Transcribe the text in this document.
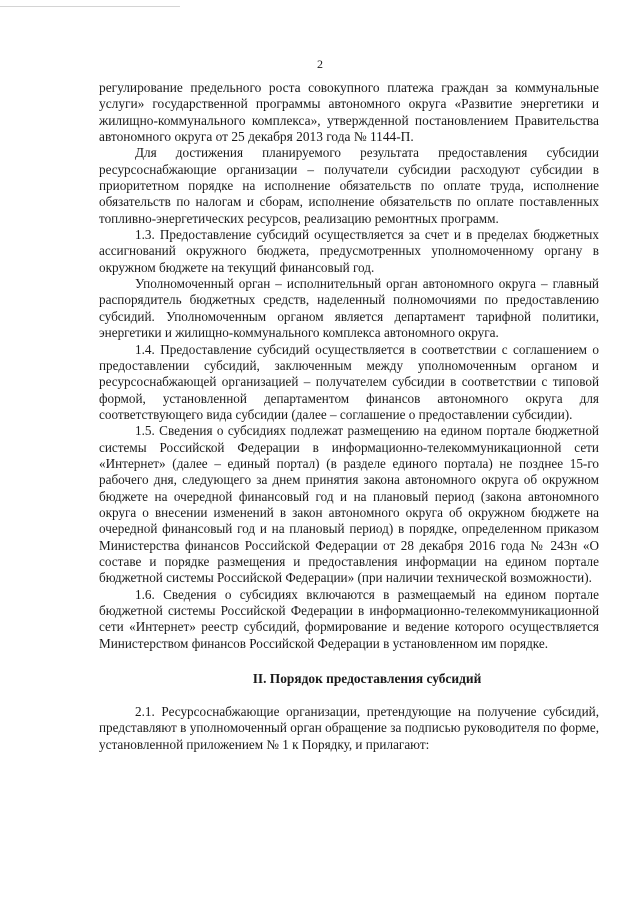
2

регулирование предельного роста совокупного платежа граждан за коммунальные услуги» государственной программы автономного округа «Развитие энергетики и жилищно-коммунального комплекса», утвержденной постановлением Правительства автономного округа от 25 декабря 2013 года № 1144-П.

Для достижения планируемого результата предоставления субсидии ресурсоснабжающие организации – получатели субсидии расходуют субсидии в приоритетном порядке на исполнение обязательств по оплате труда, исполнение обязательств по налогам и сборам, исполнение обязательств по оплате поставленных топливно-энергетических ресурсов, реализацию ремонтных программ.

1.3. Предоставление субсидий осуществляется за счет и в пределах бюджетных ассигнований окружного бюджета, предусмотренных уполномоченному органу в окружном бюджете на текущий финансовый год.

Уполномоченный орган – исполнительный орган автономного округа – главный распорядитель бюджетных средств, наделенный полномочиями по предоставлению субсидий. Уполномоченным органом является департамент тарифной политики, энергетики и жилищно-коммунального комплекса автономного округа.

1.4. Предоставление субсидий осуществляется в соответствии с соглашением о предоставлении субсидий, заключенным между уполномоченным органом и ресурсоснабжающей организацией – получателем субсидии в соответствии с типовой формой, установленной департаментом финансов автономного округа для соответствующего вида субсидии (далее – соглашение о предоставлении субсидии).

1.5. Сведения о субсидиях подлежат размещению на едином портале бюджетной системы Российской Федерации в информационно-телекоммуникационной сети «Интернет» (далее – единый портал) (в разделе единого портала) не позднее 15-го рабочего дня, следующего за днем принятия закона автономного округа об окружном бюджете на очередной финансовый год и на плановый период (закона автономного округа о внесении изменений в закон автономного округа об окружном бюджете на очередной финансовый год и на плановый период) в порядке, определенном приказом Министерства финансов Российской Федерации от 28 декабря 2016 года № 243н «О составе и порядке размещения и предоставления информации на едином портале бюджетной системы Российской Федерации» (при наличии технической возможности).

1.6. Сведения о субсидиях включаются в размещаемый на едином портале бюджетной системы Российской Федерации в информационно-телекоммуникационной сети «Интернет» реестр субсидий, формирование и ведение которого осуществляется Министерством финансов Российской Федерации в установленном им порядке.

II. Порядок предоставления субсидий

2.1. Ресурсоснабжающие организации, претендующие на получение субсидий, представляют в уполномоченный орган обращение за подписью руководителя по форме, установленной приложением № 1 к Порядку, и прилагают:
